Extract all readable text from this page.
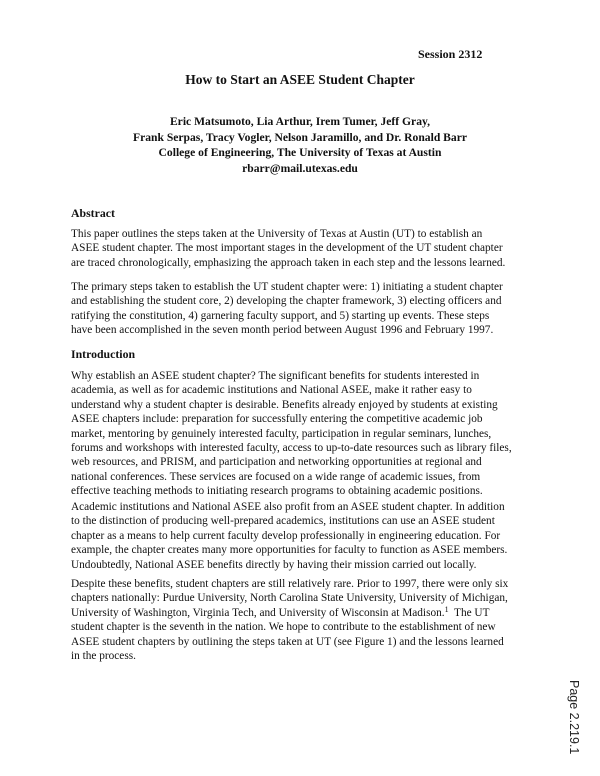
Session 2312
How to Start an ASEE Student Chapter
Eric Matsumoto, Lia Arthur, Irem Tumer, Jeff Gray,
Frank Serpas, Tracy Vogler, Nelson Jaramillo, and Dr. Ronald Barr
College of Engineering, The University of Texas at Austin
rbarr@mail.utexas.edu
Abstract
This paper outlines the steps taken at the University of Texas at Austin (UT) to establish an
ASEE student chapter. The most important stages in the development of the UT student chapter
are traced chronologically, emphasizing the approach taken in each step and the lessons learned.
The primary steps taken to establish the UT student chapter were: 1) initiating a student chapter
and establishing the student core, 2) developing the chapter framework, 3) electing officers and
ratifying the constitution, 4) garnering faculty support, and 5) starting up events. These steps
have been accomplished in the seven month period between August 1996 and February 1997.
Introduction
Why establish an ASEE student chapter? The significant benefits for students interested in
academia, as well as for academic institutions and National ASEE, make it rather easy to
understand why a student chapter is desirable. Benefits already enjoyed by students at existing
ASEE chapters include: preparation for successfully entering the competitive academic job
market, mentoring by genuinely interested faculty, participation in regular seminars, lunches,
forums and workshops with interested faculty, access to up-to-date resources such as library files,
web resources, and PRISM, and participation and networking opportunities at regional and
national conferences. These services are focused on a wide range of academic issues, from
effective teaching methods to initiating research programs to obtaining academic positions.
Academic institutions and National ASEE also profit from an ASEE student chapter. In addition
to the distinction of producing well-prepared academics, institutions can use an ASEE student
chapter as a means to help current faculty develop professionally in engineering education. For
example, the chapter creates many more opportunities for faculty to function as ASEE members.
Undoubtedly, National ASEE benefits directly by having their mission carried out locally.
Despite these benefits, student chapters are still relatively rare. Prior to 1997, there were only six
chapters nationally: Purdue University, North Carolina State University, University of Michigan,
University of Washington, Virginia Tech, and University of Wisconsin at Madison.$^1$  The UT
student chapter is the seventh in the nation. We hope to contribute to the establishment of new
ASEE student chapters by outlining the steps taken at UT (see Figure 1) and the lessons learned
in the process.
Page 2.219.1
